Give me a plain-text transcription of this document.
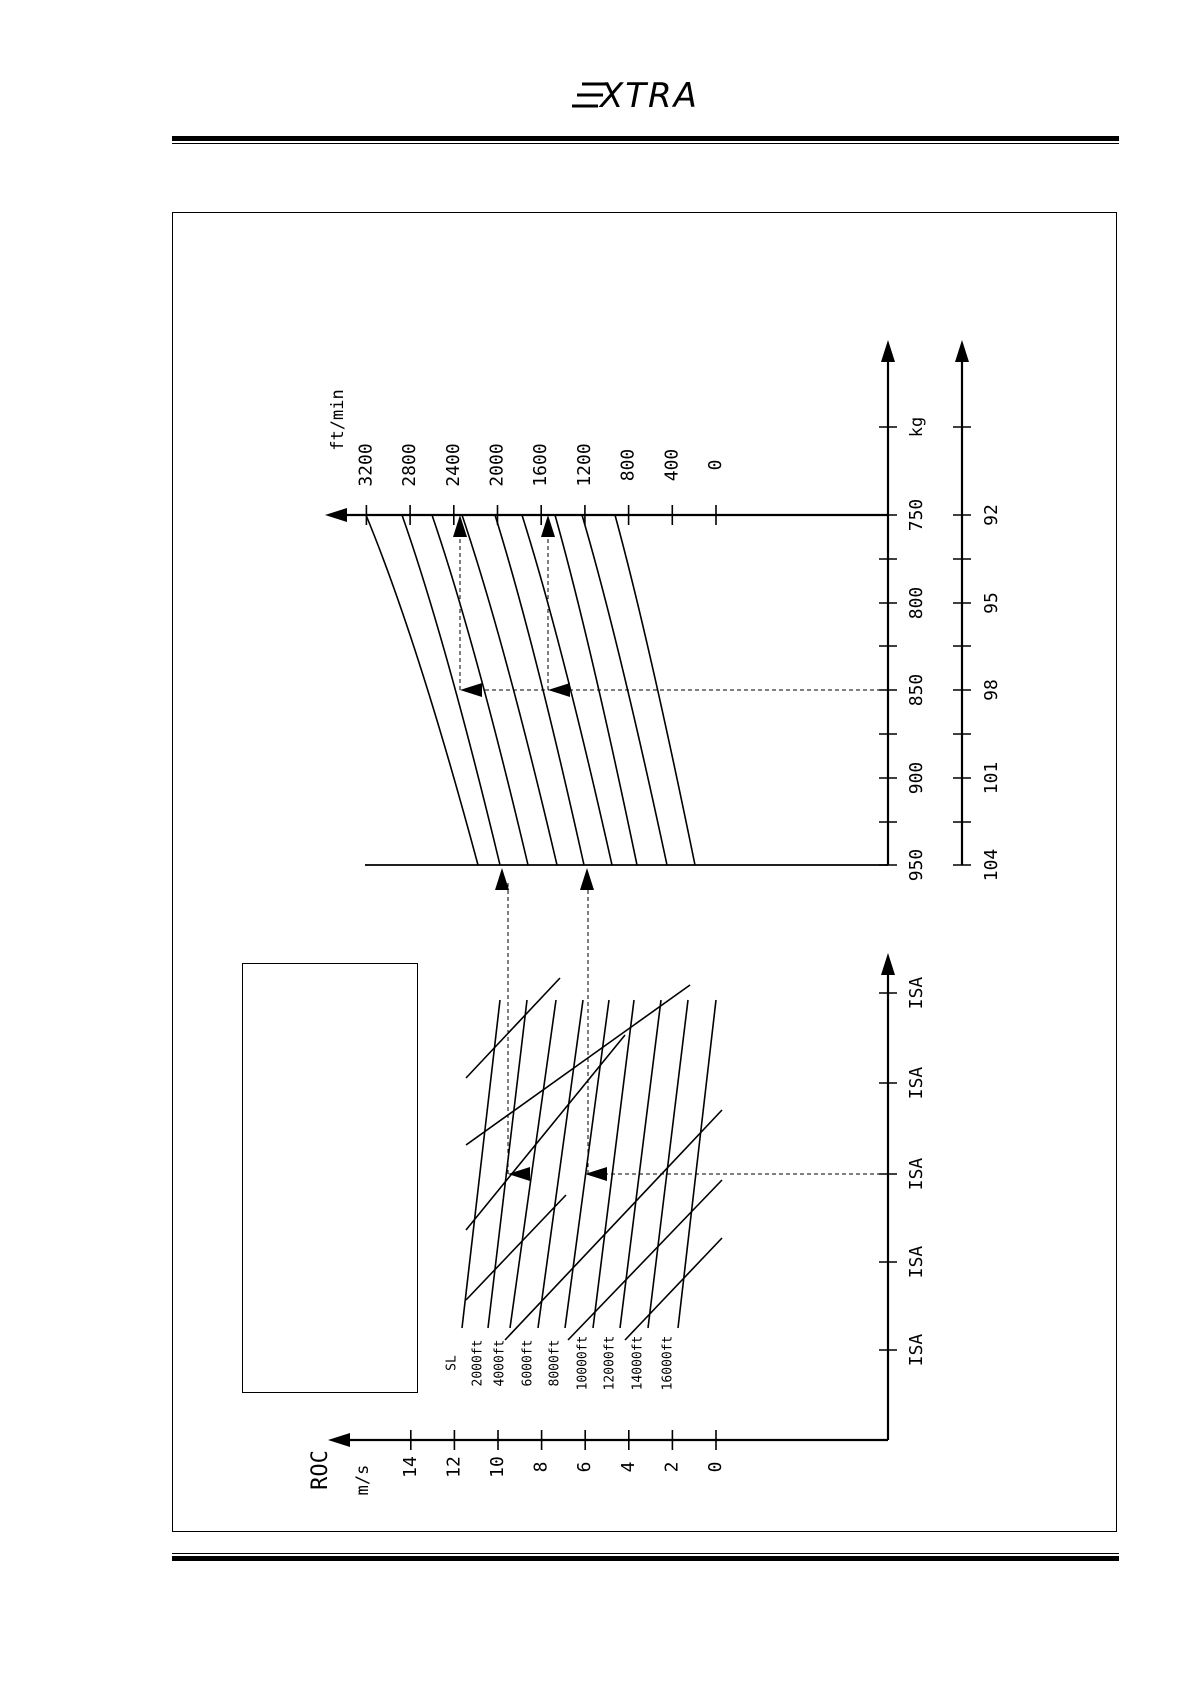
XTRA
14 12 10 8 6 4 2 0
ROC m/s
ISA
ISA
ISA
ISA
ISA
SL 2000ft 4000ft 6000ft 8000ft 10000ft 12000ft 14000ft 16000ft
3200 2800 2400 2000 1600 1200 800 400 0
ft/min
950
900
850
800
750
kg
104
101
98
95
92
